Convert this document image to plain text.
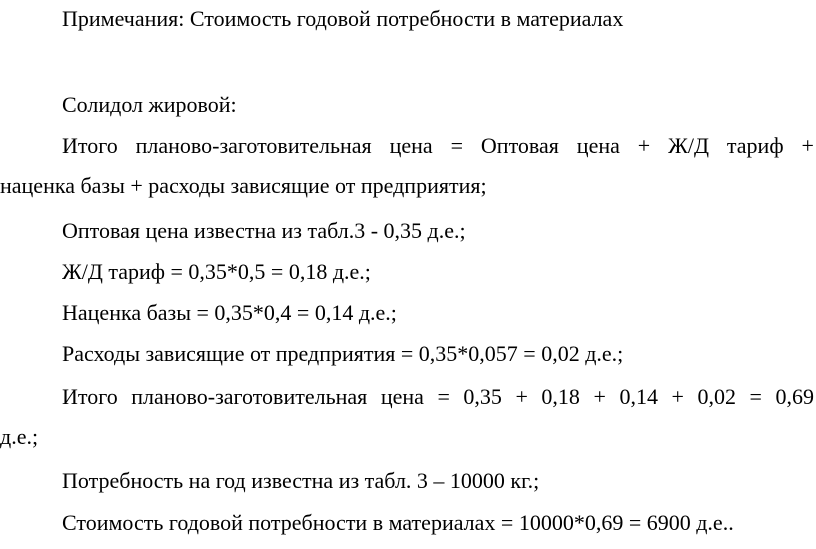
Примечания: Стоимость годовой потребности в материалах

Солидол жировой:

Итого планово-заготовительная цена = Оптовая цена + Ж/Д тариф +

наценка базы + расходы зависящие от предприятия;

Оптовая цена известна из табл.3 - 0,35 д.е.;

Ж/Д тариф = 0,35*0,5 = 0,18 д.е.;

Наценка базы = 0,35*0,4 = 0,14 д.е.;

Расходы зависящие от предприятия = 0,35*0,057 = 0,02 д.е.;

Итого планово-заготовительная цена = 0,35 + 0,18 + 0,14 + 0,02 = 0,69

д.е.;

Потребность на год известна из табл. 3 – 10000 кг.;

Стоимость годовой потребности в материалах = 10000*0,69 = 6900 д.е..
